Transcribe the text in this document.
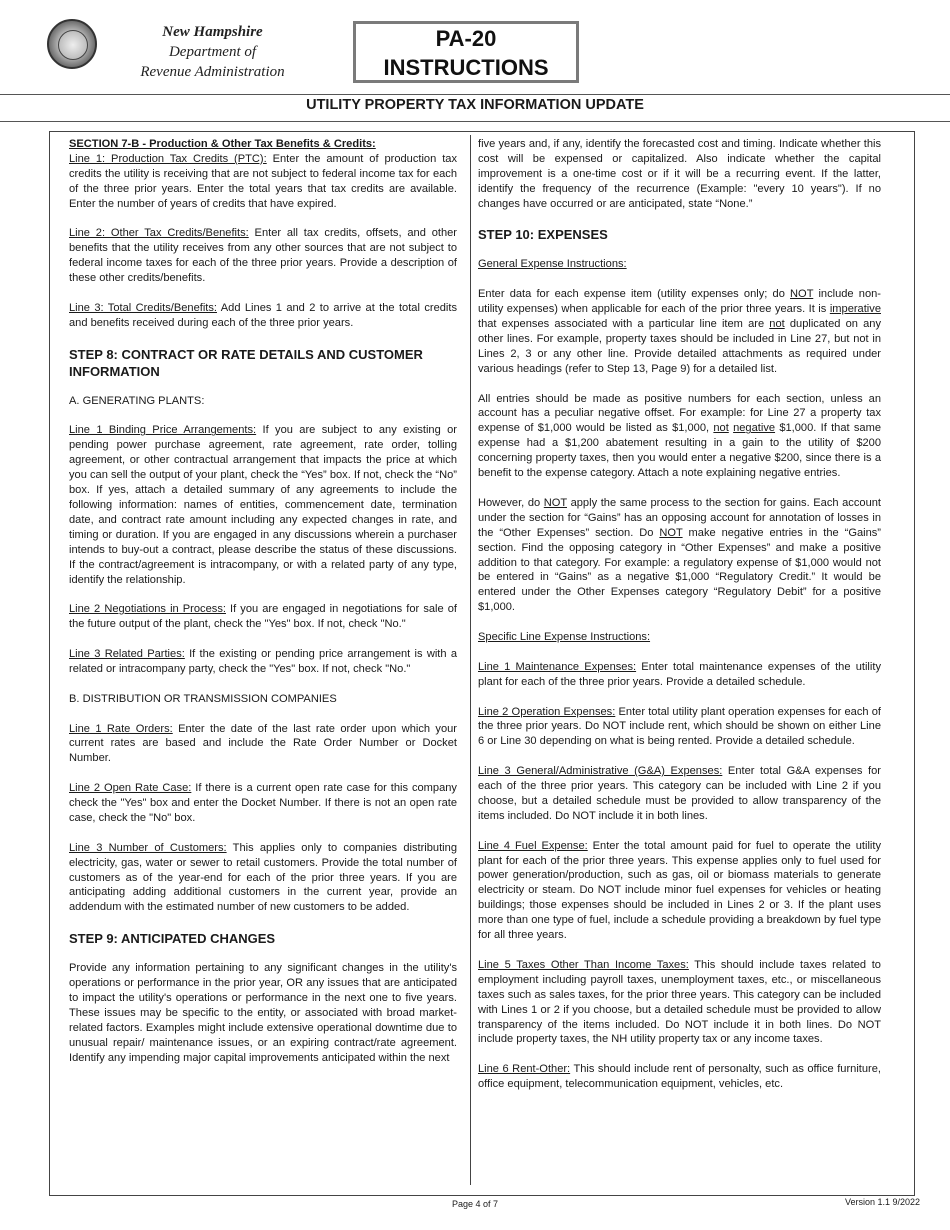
New Hampshire
Department of
Revenue Administration
PA-20
INSTRUCTIONS
UTILITY PROPERTY TAX INFORMATION UPDATE

SECTION 7-B - Production & Other Tax Benefits & Credits:
Line 1: Production Tax Credits (PTC): Enter the amount of production tax credits the utility is receiving that are not subject to federal income tax for each of the three prior years. Enter the total years that tax credits are available. Enter the number of years of credits that have expired.

Line 2: Other Tax Credits/Benefits: Enter all tax credits, offsets, and other benefits that the utility receives from any other sources that are not subject to federal income taxes for each of the three prior years. Provide a description of these other credits/benefits.

Line 3: Total Credits/Benefits: Add Lines 1 and 2 to arrive at the total credits and benefits received during each of the three prior years.

STEP 8: CONTRACT OR RATE DETAILS AND CUSTOMER INFORMATION

A. GENERATING PLANTS:

Line 1 Binding Price Arrangements: If you are subject to any existing or pending power purchase agreement, rate agreement, rate order, tolling agreement, or other contractual arrangement that impacts the price at which you can sell the output of your plant, check the “Yes” box. If not, check the “No” box. If yes, attach a detailed summary of any agreements to include the following information: names of entities, commencement date, termination date, and contract rate amount including any expected changes in rate, and timing or duration. If you are engaged in any discussions wherein a purchaser intends to buy-out a contract, please describe the status of these discussions. If the contract/agreement is intracompany, or with a related party of any type, identify the relationship.

Line 2 Negotiations in Process: If you are engaged in negotiations for sale of the future output of the plant, check the "Yes" box. If not, check "No."

Line 3 Related Parties: If the existing or pending price arrangement is with a related or intracompany party, check the "Yes" box. If not, check "No."

B. DISTRIBUTION OR TRANSMISSION COMPANIES

Line 1 Rate Orders: Enter the date of the last rate order upon which your current rates are based and include the Rate Order Number or Docket Number.

Line 2 Open Rate Case: If there is a current open rate case for this company check the "Yes" box and enter the Docket Number. If there is not an open rate case, check the "No" box.

Line 3 Number of Customers: This applies only to companies distributing electricity, gas, water or sewer to retail customers. Provide the total number of customers as of the year-end for each of the prior three years. If you are anticipating adding additional customers in the current year, provide an addendum with the estimated number of new customers to be added.

STEP 9: ANTICIPATED CHANGES

Provide any information pertaining to any significant changes in the utility's operations or performance in the prior year, OR any issues that are anticipated to impact the utility's operations or performance in the next one to five years. These issues may be specific to the entity, or associated with broad market-related factors. Examples might include extensive operational downtime due to unusual repair/ maintenance issues, or an expiring contract/rate agreement. Identify any impending major capital improvements anticipated within the next

five years and, if any, identify the forecasted cost and timing. Indicate whether this cost will be expensed or capitalized. Also indicate whether the capital improvement is a one-time cost or if it will be a recurring event. If the latter, identify the frequency of the recurrence (Example: "every 10 years"). If no changes have occurred or are anticipated, state “None.”

STEP 10: EXPENSES

General Expense Instructions:

Enter data for each expense item (utility expenses only; do NOT include non-utility expenses) when applicable for each of the prior three years. It is imperative that expenses associated with a particular line item are not duplicated on any other lines. For example, property taxes should be included in Line 27, but not in Lines 2, 3 or any other line. Provide detailed attachments as required under various headings (refer to Step 13, Page 9) for a detailed list.

All entries should be made as positive numbers for each section, unless an account has a peculiar negative offset. For example: for Line 27 a property tax expense of $1,000 would be listed as $1,000, not negative $1,000. If that same expense had a $1,200 abatement resulting in a gain to the utility of $200 concerning property taxes, then you would enter a negative $200, since there is a benefit to the expense category. Attach a note explaining negative entries.

However, do NOT apply the same process to the section for gains. Each account under the section for “Gains” has an opposing account for annotation of losses in the “Other Expenses” section. Do NOT make negative entries in the “Gains” section. Find the opposing category in “Other Expenses” and make a positive addition to that category. For example: a regulatory expense of $1,000 would not be entered in “Gains” as a negative $1,000 “Regulatory Credit.” It would be entered under the Other Expenses category “Regulatory Debit” for a positive $1,000.

Specific Line Expense Instructions:

Line 1 Maintenance Expenses: Enter total maintenance expenses of the utility plant for each of the three prior years. Provide a detailed schedule.

Line 2 Operation Expenses: Enter total utility plant operation expenses for each of the three prior years. Do NOT include rent, which should be shown on either Line 6 or Line 30 depending on what is being rented. Provide a detailed schedule.

Line 3 General/Administrative (G&A) Expenses: Enter total G&A expenses for each of the three prior years. This category can be included with Line 2 if you choose, but a detailed schedule must be provided to allow transparency of the items included. Do NOT include it in both lines.

Line 4 Fuel Expense: Enter the total amount paid for fuel to operate the utility plant for each of the prior three years. This expense applies only to fuel used for power generation/production, such as gas, oil or biomass materials to generate electricity or steam. Do NOT include minor fuel expenses for vehicles or heating buildings; those expenses should be included in Lines 2 or 3. If the plant uses more than one type of fuel, include a schedule providing a breakdown by fuel type for all three years.

Line 5 Taxes Other Than Income Taxes: This should include taxes related to employment including payroll taxes, unemployment taxes, etc., or miscellaneous taxes such as sales taxes, for the prior three years. This category can be included with Lines 1 or 2 if you choose, but a detailed schedule must be provided to allow transparency of the items included. Do NOT include it in both lines. Do NOT include property taxes, the NH utility property tax or any income taxes.

Line 6 Rent-Other: This should include rent of personalty, such as office furniture, office equipment, telecommunication equipment, vehicles, etc.

Page 4 of 7	Version 1.1 9/2022
